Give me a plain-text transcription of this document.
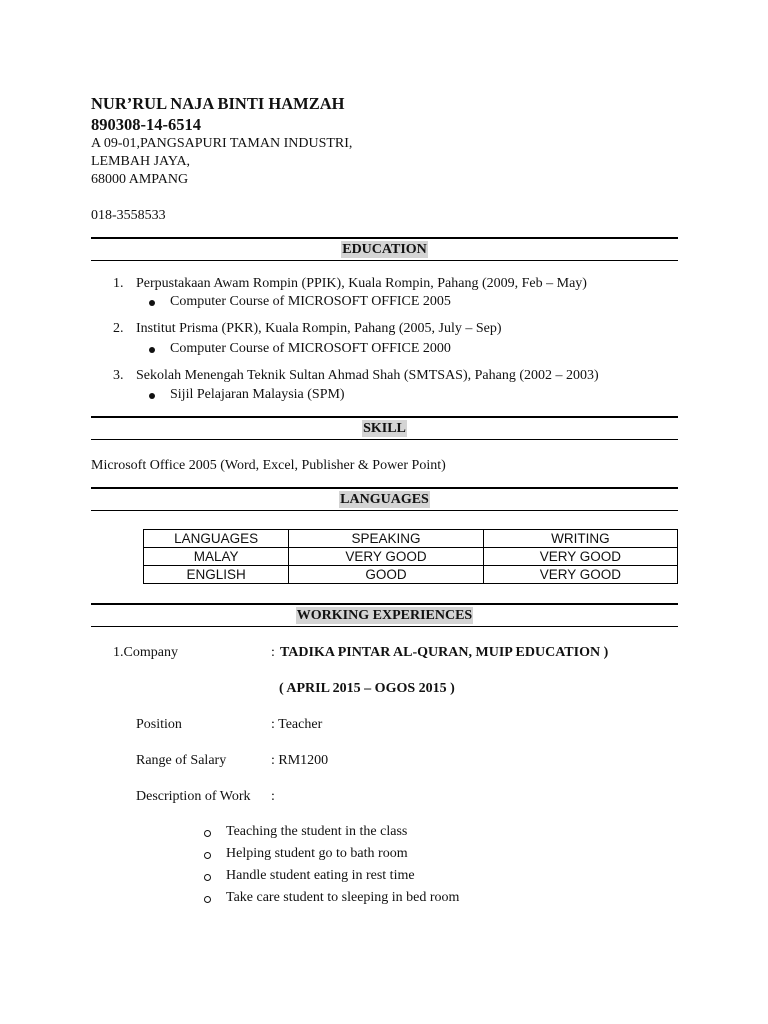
NUR’RUL NAJA BINTI HAMZAH
890308-14-6514
A 09-01,PANGSAPURI TAMAN INDUSTRI,
LEMBAH JAYA,
68000 AMPANG
018-3558533
EDUCATION
1. Perpustakaan Awam Rompin (PPIK), Kuala Rompin, Pahang (2009, Feb – May)
Computer Course of MICROSOFT OFFICE 2005
2. Institut Prisma (PKR), Kuala Rompin, Pahang (2005, July – Sep)
Computer Course of MICROSOFT OFFICE 2000
3. Sekolah Menengah Teknik Sultan Ahmad Shah (SMTSAS), Pahang (2002 – 2003)
Sijil Pelajaran Malaysia (SPM)
SKILL
Microsoft Office 2005 (Word, Excel, Publisher & Power Point)
LANGUAGES
LANGUAGES	SPEAKING	WRITING
MALAY	VERY GOOD	VERY GOOD
ENGLISH	GOOD	VERY GOOD
WORKING EXPERIENCES
1.Company	: TADIKA PINTAR AL-QURAN, MUIP EDUCATION )
( APRIL 2015 – OGOS 2015 )
Position	: Teacher
Range of Salary	: RM1200
Description of Work :
Teaching the student in the class
Helping student go to bath room
Handle student eating in rest time
Take care student to sleeping in bed room
